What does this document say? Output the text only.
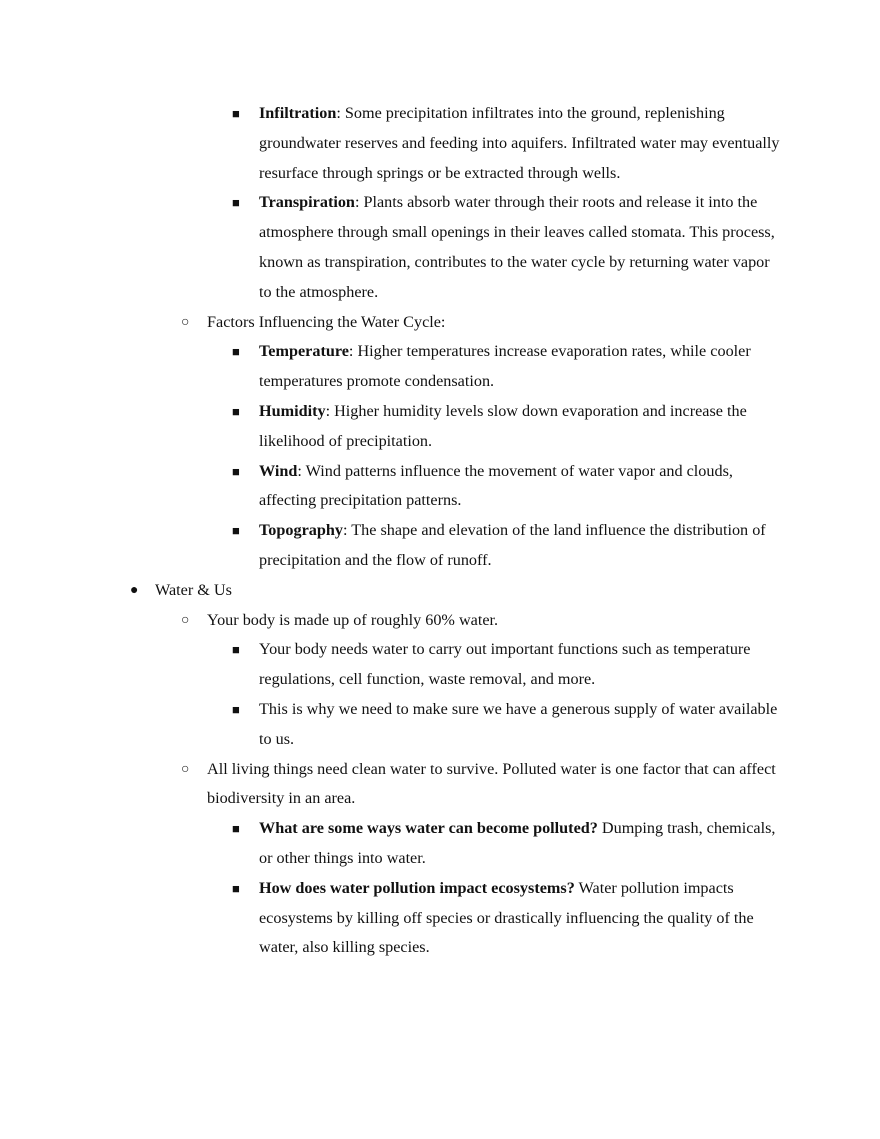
■ Infiltration: Some precipitation infiltrates into the ground, replenishing groundwater reserves and feeding into aquifers. Infiltrated water may eventually resurface through springs or be extracted through wells.
■ Transpiration: Plants absorb water through their roots and release it into the atmosphere through small openings in their leaves called stomata. This process, known as transpiration, contributes to the water cycle by returning water vapor to the atmosphere.
○ Factors Influencing the Water Cycle:
■ Temperature: Higher temperatures increase evaporation rates, while cooler temperatures promote condensation.
■ Humidity: Higher humidity levels slow down evaporation and increase the likelihood of precipitation.
■ Wind: Wind patterns influence the movement of water vapor and clouds, affecting precipitation patterns.
■ Topography: The shape and elevation of the land influence the distribution of precipitation and the flow of runoff.
● Water & Us
○ Your body is made up of roughly 60% water.
■ Your body needs water to carry out important functions such as temperature regulations, cell function, waste removal, and more.
■ This is why we need to make sure we have a generous supply of water available to us.
○ All living things need clean water to survive. Polluted water is one factor that can affect biodiversity in an area.
■ What are some ways water can become polluted? Dumping trash, chemicals, or other things into water.
■ How does water pollution impact ecosystems? Water pollution impacts ecosystems by killing off species or drastically influencing the quality of the water, also killing species.
